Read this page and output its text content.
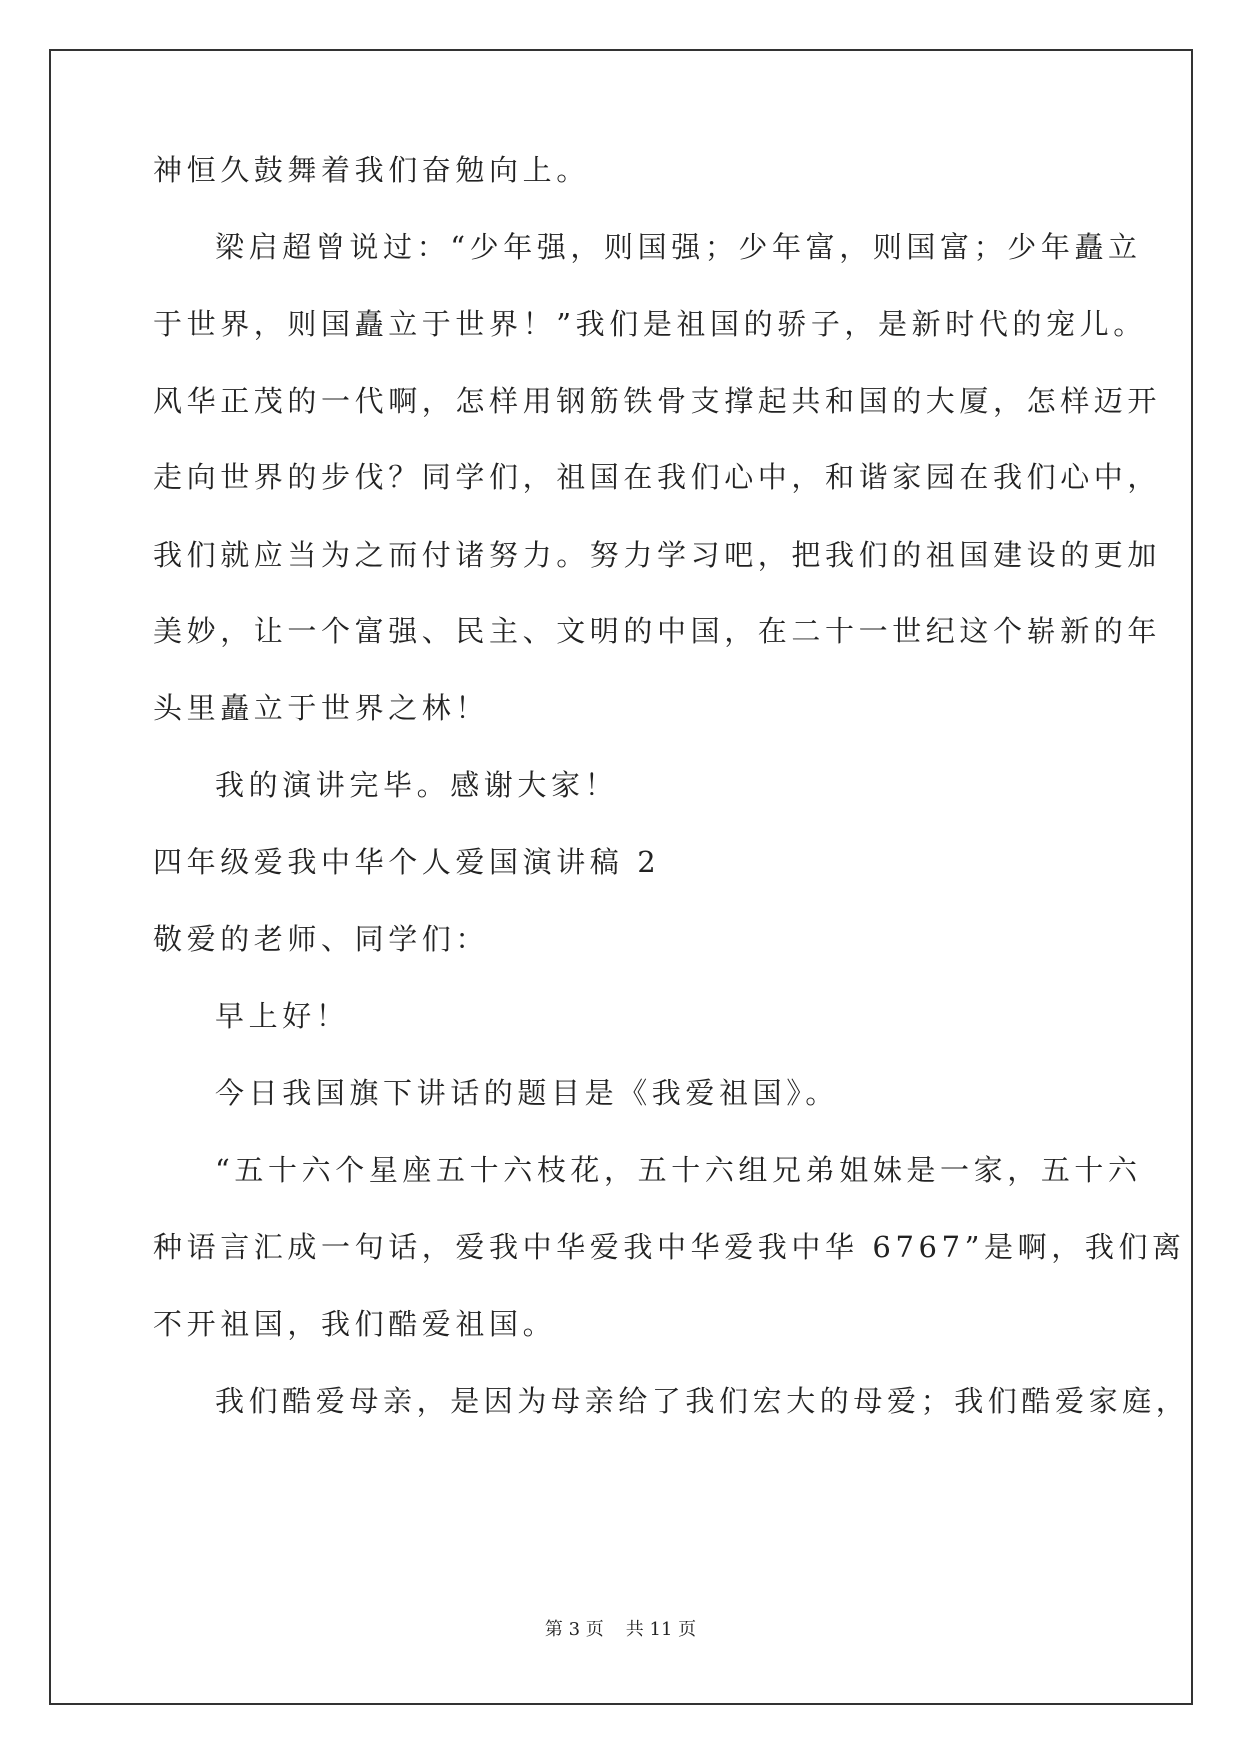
神恒久鼓舞着我们奋勉向上。
梁启超曾说过：“少年强，则国强；少年富，则国富；少年矗立
于世界，则国矗立于世界！”我们是祖国的骄子，是新时代的宠儿。
风华正茂的一代啊，怎样用钢筋铁骨支撑起共和国的大厦，怎样迈开
走向世界的步伐？同学们，祖国在我们心中，和谐家园在我们心中，
我们就应当为之而付诸努力。努力学习吧，把我们的祖国建设的更加
美妙，让一个富强、民主、文明的中国，在二十一世纪这个崭新的年
头里矗立于世界之林！
我的演讲完毕。感谢大家！
四年级爱我中华个人爱国演讲稿 2
敬爱的老师、同学们：
早上好！
今日我国旗下讲话的题目是《我爱祖国》。
“五十六个星座五十六枝花，五十六组兄弟姐妹是一家，五十六
种语言汇成一句话，爱我中华爱我中华爱我中华 6767”是啊，我们离
不开祖国，我们酷爱祖国。
我们酷爱母亲，是因为母亲给了我们宏大的母爱；我们酷爱家庭，
第 3 页 共 11 页
